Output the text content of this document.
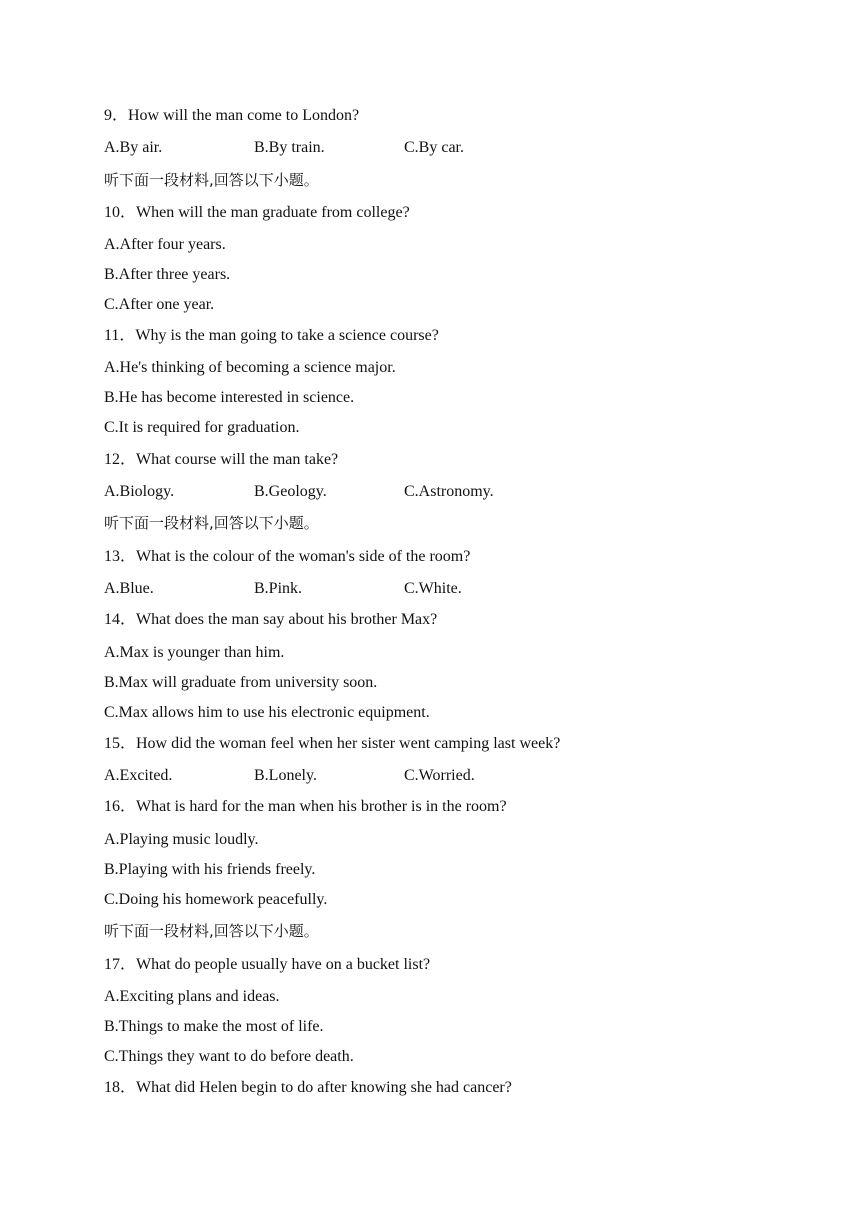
9．How will the man come to London?
A.By air.	B.By train.	C.By car.
听下面一段材料,回答以下小题。
10．When will the man graduate from college?
A.After four years.
B.After three years.
C.After one year.
11．Why is the man going to take a science course?
A.He's thinking of becoming a science major.
B.He has become interested in science.
C.It is required for graduation.
12．What course will the man take?
A.Biology.	B.Geology.	C.Astronomy.
听下面一段材料,回答以下小题。
13．What is the colour of the woman's side of the room?
A.Blue.	B.Pink.	C.White.
14．What does the man say about his brother Max?
A.Max is younger than him.
B.Max will graduate from university soon.
C.Max allows him to use his electronic equipment.
15．How did the woman feel when her sister went camping last week?
A.Excited.	B.Lonely.	C.Worried.
16．What is hard for the man when his brother is in the room?
A.Playing music loudly.
B.Playing with his friends freely.
C.Doing his homework peacefully.
听下面一段材料,回答以下小题。
17．What do people usually have on a bucket list?
A.Exciting plans and ideas.
B.Things to make the most of life.
C.Things they want to do before death.
18．What did Helen begin to do after knowing she had cancer?
